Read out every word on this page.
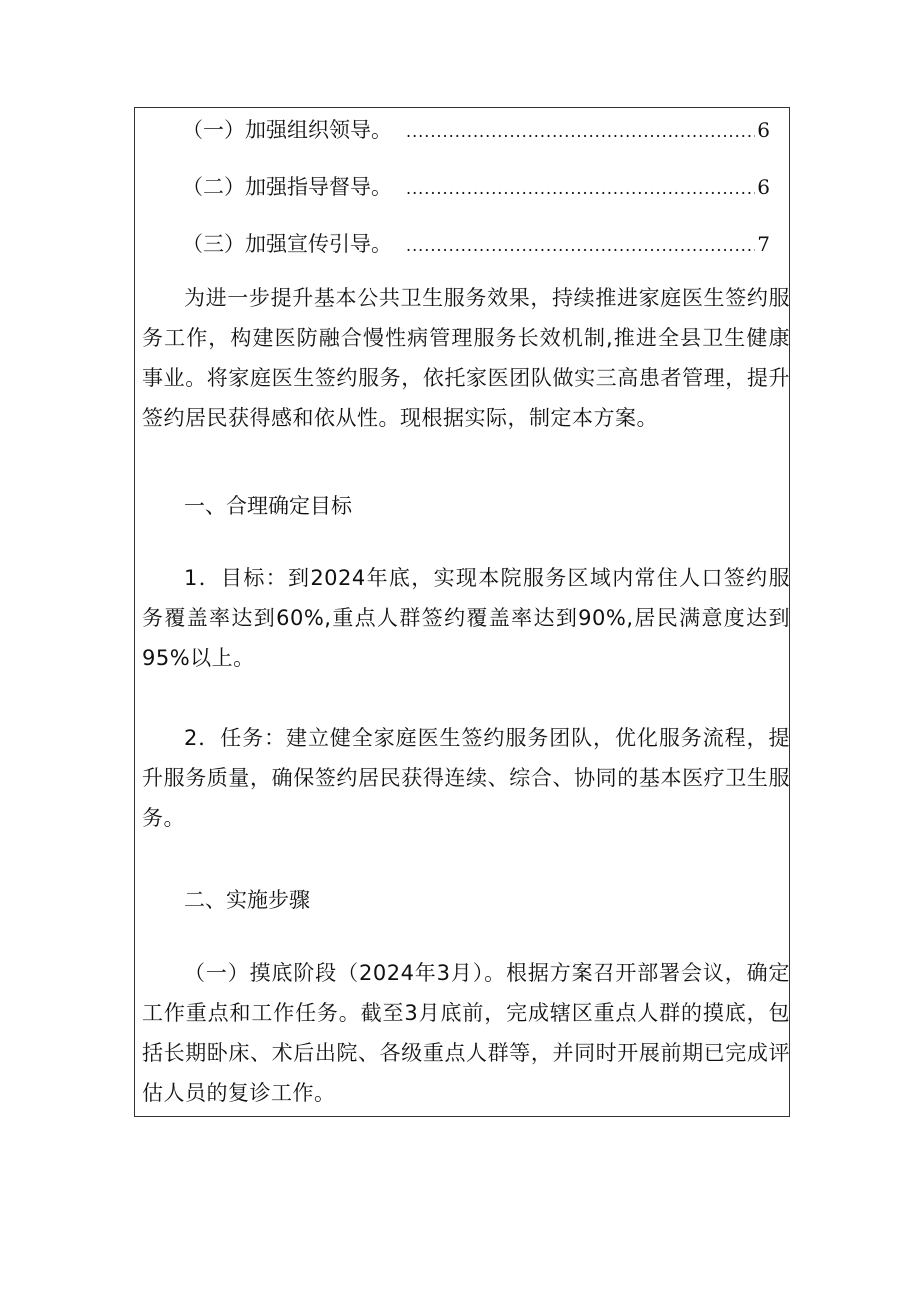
（一）加强组织领导。 .....	6
（二）加强指导督导。 .....	6
（三）加强宣传引导。 .....	7

为进一步提升基本公共卫生服务效果，持续推进家庭医生签约服务工作，构建医防融合慢性病管理服务长效机制,推进全县卫生健康事业。将家庭医生签约服务，依托家医团队做实三高患者管理，提升签约居民获得感和依从性。现根据实际，制定本方案。

一、合理确定目标

1．目标：到2024年底，实现本院服务区域内常住人口签约服务覆盖率达到60%,重点人群签约覆盖率达到90%,居民满意度达到95%以上。

2．任务：建立健全家庭医生签约服务团队，优化服务流程，提升服务质量，确保签约居民获得连续、综合、协同的基本医疗卫生服务。

二、实施步骤

（一）摸底阶段（2024年3月）。根据方案召开部署会议，确定工作重点和工作任务。截至3月底前，完成辖区重点人群的摸底，包括长期卧床、术后出院、各级重点人群等，并同时开展前期已完成评估人员的复诊工作。
